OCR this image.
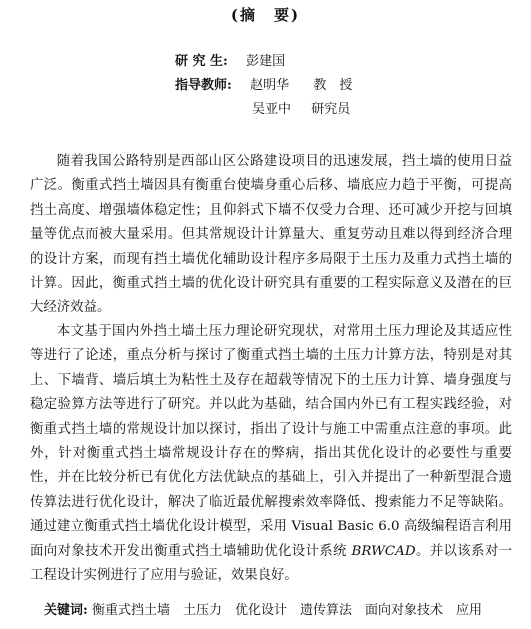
(摘　要)
研 究 生: 彭建国
指导教师: 赵明华 教　授
吴亚中 研究员

随着我国公路特别是西部山区公路建设项目的迅速发展，挡土墙的使用日益广泛。衡重式挡土墙因具有衡重台使墙身重心后移、墙底应力趋于平衡，可提高挡土高度、增强墙体稳定性；且仰斜式下墙不仅受力合理、还可减少开挖与回填量等优点而被大量采用。但其常规设计计算量大、重复劳动且难以得到经济合理的设计方案，而现有挡土墙优化辅助设计程序多局限于土压力及重力式挡土墙的计算。因此，衡重式挡土墙的优化设计研究具有重要的工程实际意义及潜在的巨大经济效益。

本文基于国内外挡土墙土压力理论研究现状，对常用土压力理论及其适应性等进行了论述，重点分析与探讨了衡重式挡土墙的土压力计算方法，特别是对其上、下墙背、墙后填土为粘性土及存在超载等情况下的土压力计算、墙身强度与稳定验算方法等进行了研究。并以此为基础，结合国内外已有工程实践经验，对衡重式挡土墙的常规设计加以探讨，指出了设计与施工中需重点注意的事项。此外，针对衡重式挡土墙常规设计存在的弊病，指出其优化设计的必要性与重要性，并在比较分析已有优化方法优缺点的基础上，引入并提出了一种新型混合遗传算法进行优化设计，解决了临近最优解搜索效率降低、搜索能力不足等缺陷。通过建立衡重式挡土墙优化设计模型，采用 Visual Basic 6.0 高级编程语言利用面向对象技术开发出衡重式挡土墙辅助优化设计系统 BRWCAD。并以该系对一工程设计实例进行了应用与验证，效果良好。

关键词: 衡重式挡土墙　土压力　优化设计　遗传算法　面向对象技术　应用
